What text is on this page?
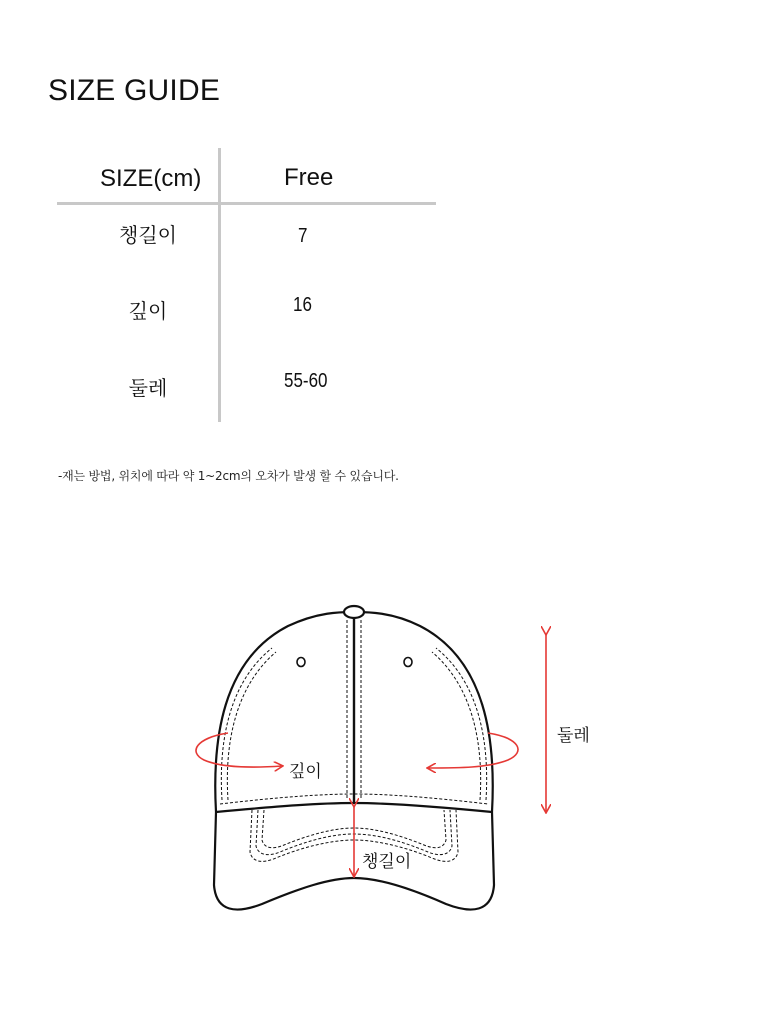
SIZE GUIDE
SIZE(cm)	Free
챙길이	7
깊이	16
둘레	55-60
-재는 방법, 위치에 따라 약 1~2cm의 오차가 발생 할 수 있습니다.
깊이
둘레
챙길이
